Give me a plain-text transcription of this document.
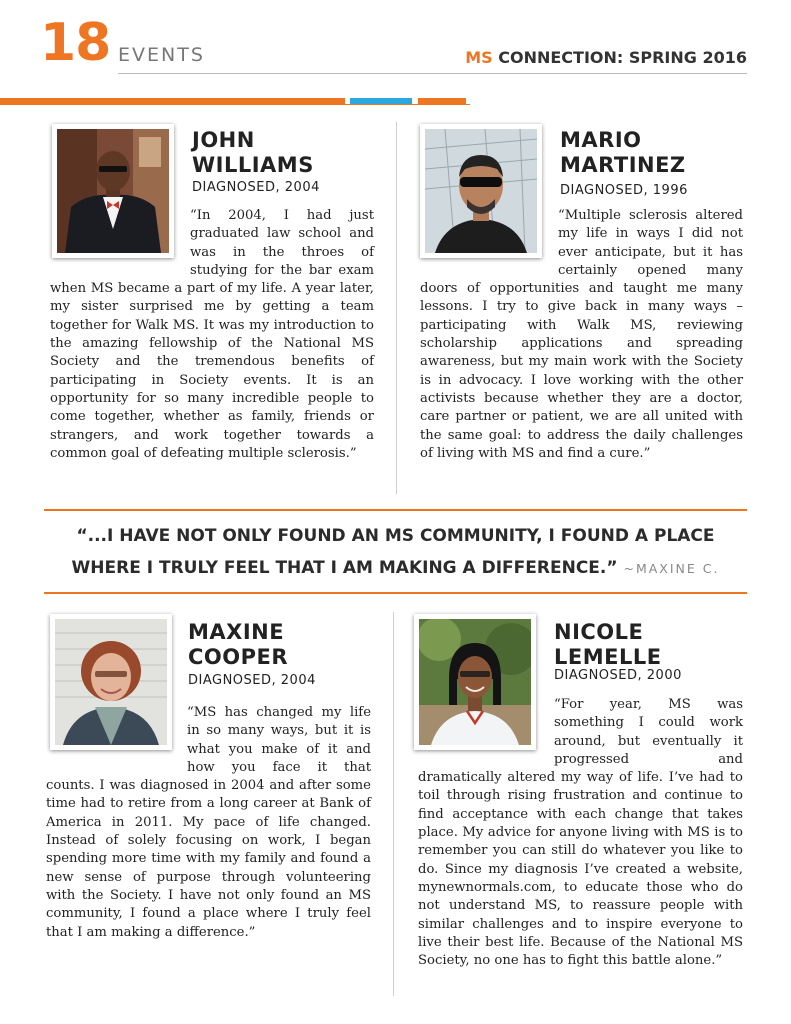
18 EVENTS	MS CONNECTION: SPRING 2016
JOHN
WILLIAMS
DIAGNOSED, 2004

“In 2004, I had just graduated law school and was in the throes of studying for the bar exam when MS became a part of my life. A year later, my sister surprised me by getting a team together for Walk MS. It was my introduction to the amazing fellowship of the National MS Society and the tremendous benefits of participating in Society events. It is an opportunity for so many incredible people to come together, whether as family, friends or strangers, and work together towards a common goal of defeating multiple sclerosis.”

MARIO
MARTINEZ
DIAGNOSED, 1996

“Multiple sclerosis altered my life in ways I did not ever anticipate, but it has certainly opened many doors of opportunities and taught me many lessons. I try to give back in many ways – participating with Walk MS, reviewing scholarship applications and spreading awareness, but my main work with the Society is in advocacy. I love working with the other activists because whether they are a doctor, care partner or patient, we are all united with the same goal: to address the daily challenges of living with MS and find a cure.”

“...I HAVE NOT ONLY FOUND AN MS COMMUNITY, I FOUND A PLACE WHERE I TRULY FEEL THAT I AM MAKING A DIFFERENCE.” ~MAXINE C.

MAXINE
COOPER
DIAGNOSED, 2004

“MS has changed my life in so many ways, but it is what you make of it and how you face it that counts. I was diagnosed in 2004 and after some time had to retire from a long career at Bank of America in 2011. My pace of life changed. Instead of solely focusing on work, I began spending more time with my family and found a new sense of purpose through volunteering with the Society. I have not only found an MS community, I found a place where I truly feel that I am making a difference.”

NICOLE
LEMELLE
DIAGNOSED, 2000

“For year, MS was something I could work around, but eventually it progressed and dramatically altered my way of life. I’ve had to toil through rising frustration and continue to find acceptance with each change that takes place. My advice for anyone living with MS is to remember you can still do whatever you like to do. Since my diagnosis I’ve created a website, mynewnormals.com, to educate those who do not understand MS, to reassure people with similar challenges and to inspire everyone to live their best life. Because of the National MS Society, no one has to fight this battle alone.”
